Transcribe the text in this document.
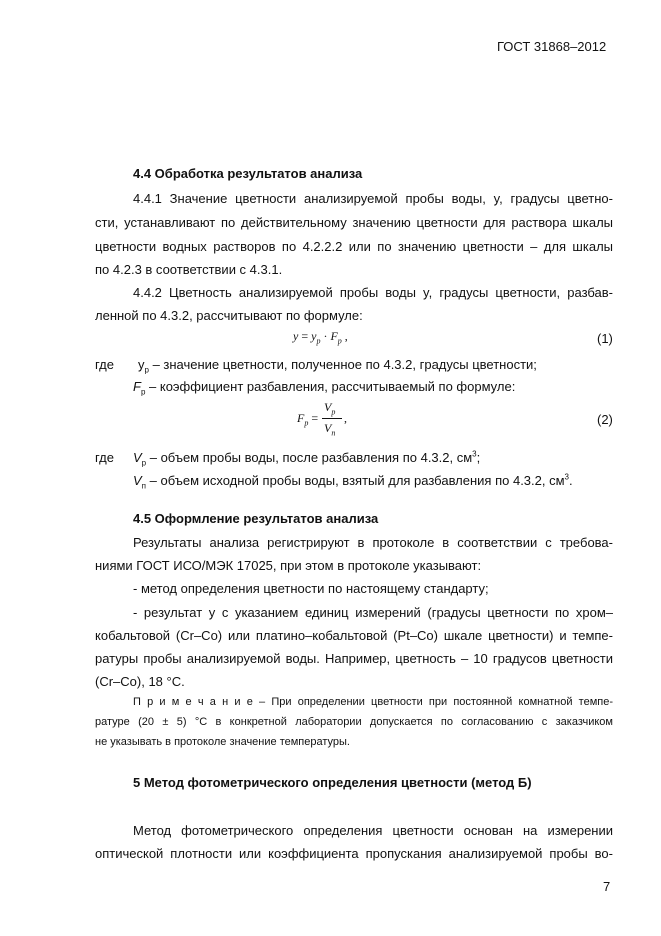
ГОСТ 31868–2012
4.4 Обработка результатов анализа
4.4.1 Значение цветности анализируемой пробы воды, y, градусы цветно-
сти, устанавливают по действительному значению цветности для раствора шкалы
цветности водных растворов по 4.2.2.2 или по значению цветности – для шкалы
по 4.2.3 в соответствии с 4.3.1.
4.4.2 Цветность анализируемой пробы воды y, градусы цветности, разбав-
ленной по 4.3.2, рассчитывают по формуле:
$y = y_р \cdot F_р$ ,	(1)
где $y_р$ – значение цветности, полученное по 4.3.2, градусы цветности;
$F_р$ – коэффициент разбавления, рассчитываемый по формуле:
$F_р$ =
$V_р$
$V_n$
,	(2)
где $V_р$ – объем пробы воды, после разбавления по 4.3.2, $см^3$;
$V_п$ – объем исходной пробы воды, взятый для разбавления по 4.3.2, $см^3$.
4.5 Оформление результатов анализа
Результаты анализа регистрируют в протоколе в соответствии с требова-
ниями ГОСТ ИСО/МЭК 17025, при этом в протоколе указывают:
- метод определения цветности по настоящему стандарту;
- результат y с указанием единиц измерений (градусы цветности по хром–
кобальтовой (Cr–Co) или платино–кобальтовой (Pt–Co) шкале цветности) и темпе-
ратуры пробы анализируемой воды. Например, цветность – 10 градусов цветности
(Cr–Co), 18 °С.
П р и м е ч а н и е – При определении цветности при постоянной комнатной темпе-
ратуре (20 ± 5) °С в конкретной лаборатории допускается по согласованию с заказчиком
не указывать в протоколе значение температуры.
5 Метод фотометрического определения цветности (метод Б)
Метод фотометрического определения цветности основан на измерении
оптической плотности или коэффициента пропускания анализируемой пробы во-
7
